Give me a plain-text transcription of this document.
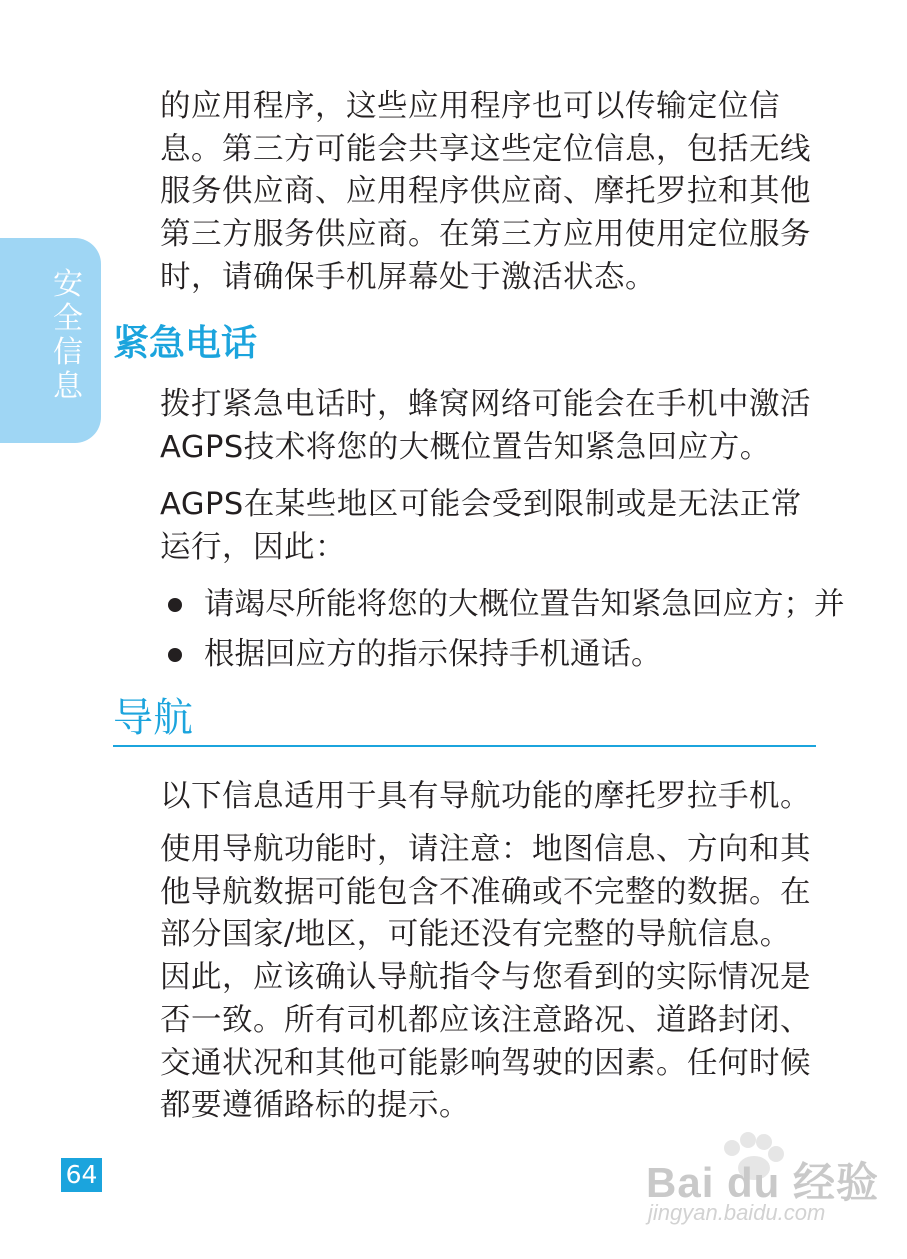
安
全
信
息

的应用程序，这些应用程序也可以传输定位信息。第三方可能会共享这些定位信息，包括无线服务供应商、应用程序供应商、摩托罗拉和其他第三方服务供应商。在第三方应用使用定位服务时，请确保手机屏幕处于激活状态。

紧急电话

拨打紧急电话时，蜂窝网络可能会在手机中激活AGPS技术将您的大概位置告知紧急回应方。

AGPS在某些地区可能会受到限制或是无法正常运行，因此：

请竭尽所能将您的大概位置告知紧急回应方；并
根据回应方的指示保持手机通话。
导航

以下信息适用于具有导航功能的摩托罗拉手机。

使用导航功能时，请注意：地图信息、方向和其他导航数据可能包含不准确或不完整的数据。在部分国家/地区，可能还没有完整的导航信息。因此，应该确认导航指令与您看到的实际情况是否一致。所有司机都应该注意路况、道路封闭、交通状况和其他可能影响驾驶的因素。任何时候都要遵循路标的提示。

64	Bai du 经验
jingyan.baidu.com
